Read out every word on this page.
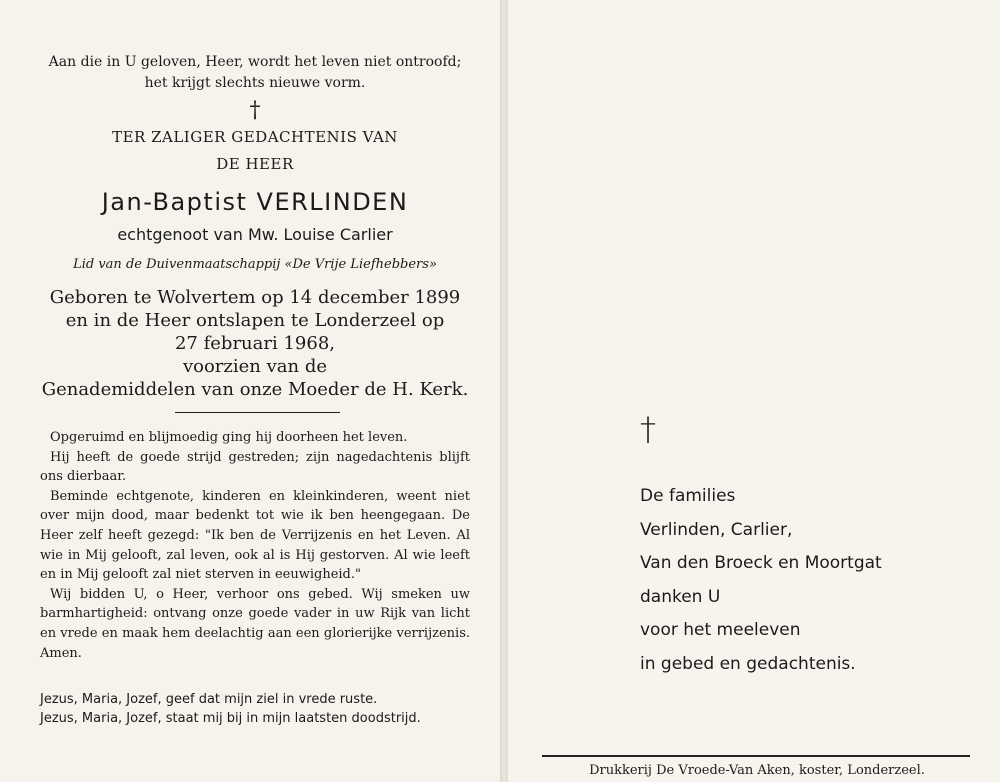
Aan die in U geloven, Heer, wordt het leven niet ontroofd;
het krijgt slechts nieuwe vorm.
†
TER ZALIGER GEDACHTENIS VAN
DE HEER
Jan-Baptist VERLINDEN
echtgenoot van Mw. Louise Carlier
Lid van de Duivenmaatschappij «De Vrije Liefhebbers»
Geboren te Wolvertem op 14 december 1899
en in de Heer ontslapen te Londerzeel op
27 februari 1968,
voorzien van de
Genademiddelen van onze Moeder de H. Kerk.

Opgeruimd en blijmoedig ging hij doorheen het leven.

Hij heeft de goede strijd gestreden; zijn nagedachtenis blijft ons dierbaar.

Beminde echtgenote, kinderen en kleinkinderen, weent niet over mijn dood, maar bedenkt tot wie ik ben heengegaan. De Heer zelf heeft gezegd: "Ik ben de Verrijzenis en het Leven. Al wie in Mij gelooft, zal leven, ook al is Hij gestorven. Al wie leeft en in Mij gelooft zal niet sterven in eeuwigheid."

Wij bidden U, o Heer, verhoor ons gebed. Wij smeken uw barmhartigheid: ontvang onze goede vader in uw Rijk van licht en vrede en maak hem deelachtig aan een glorierijke verrijzenis. Amen.

Jezus, Maria, Jozef, geef dat mijn ziel in vrede ruste.

Jezus, Maria, Jozef, staat mij bij in mijn laatsten doodstrijd.

†
De families
Verlinden, Carlier,
Van den Broeck en Moortgat
danken U
voor het meeleven
in gebed en gedachtenis.
Drukkerij De Vroede-Van Aken, koster, Londerzeel.
